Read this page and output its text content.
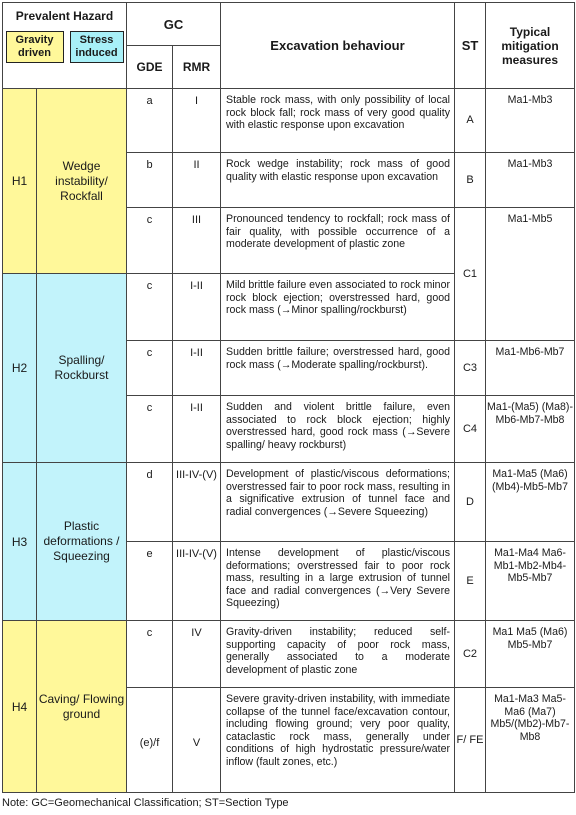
Prevalent Hazard
Gravity driven
Stress induced		GC		Excavation behaviour	ST	Typical mitigation measures
		GDE	RMR			
H1	Wedge instability/ Rockfall	a	I	Stable rock mass, with only possibility of local rock block fall; rock mass of very good quality with elastic response upon excavation	A	Ma1-Mb3
		b	II	Rock wedge instability; rock mass of good quality with elastic response upon excavation	B	Ma1-Mb3
		c	III	Pronounced tendency to rockfall; rock mass of fair quality, with possible occurrence of a moderate development of plastic zone	C1	Ma1-Mb5
H2	Spalling/ Rockburst	c	I-II	Mild brittle failure even associated to rock minor rock block ejection; overstressed hard, good rock mass (→Minor spalling/rockburst)		
		c	I-II	Sudden brittle failure; overstressed hard, good rock mass (→Moderate spalling/rockburst).	C3	Ma1-Mb6-Mb7
		c	I-II	Sudden and violent brittle failure, even associated to rock block ejection; highly overstressed hard, good rock mass (→Severe spalling/ heavy rockburst)	C4	Ma1-(Ma5) (Ma8)-Mb6-Mb7-Mb8
H3	Plastic deformations / Squeezing	d	III-IV-(V)	Development of plastic/viscous deformations; overstressed fair to poor rock mass, resulting in a significative extrusion of tunnel face and radial convergences (→Severe Squeezing)	D	Ma1-Ma5 (Ma6) (Mb4)-Mb5-Mb7
		e	III-IV-(V)	Intense development of plastic/viscous deformations; overstressed fair to poor rock mass, resulting in a large extrusion of tunnel face and radial convergences (→Very Severe Squeezing)	E	Ma1-Ma4 Ma6-Mb1-Mb2-Mb4-Mb5-Mb7
H4	Caving/ Flowing ground	c	IV	Gravity-driven instability; reduced self-supporting capacity of poor rock mass, generally associated to a moderate development of plastic zone	C2	Ma1 Ma5 (Ma6) Mb5-Mb7
		(e)/f	V	Severe gravity-driven instability, with immediate collapse of the tunnel face/excavation contour, including flowing ground; very poor quality, cataclastic rock mass, generally under conditions of high hydrostatic pressure/water inflow (fault zones, etc.)	F/ FE	Ma1-Ma3 Ma5-Ma6 (Ma7) Mb5/(Mb2)-Mb7-Mb8
Note: GC=Geomechanical Classification; ST=Section Type
